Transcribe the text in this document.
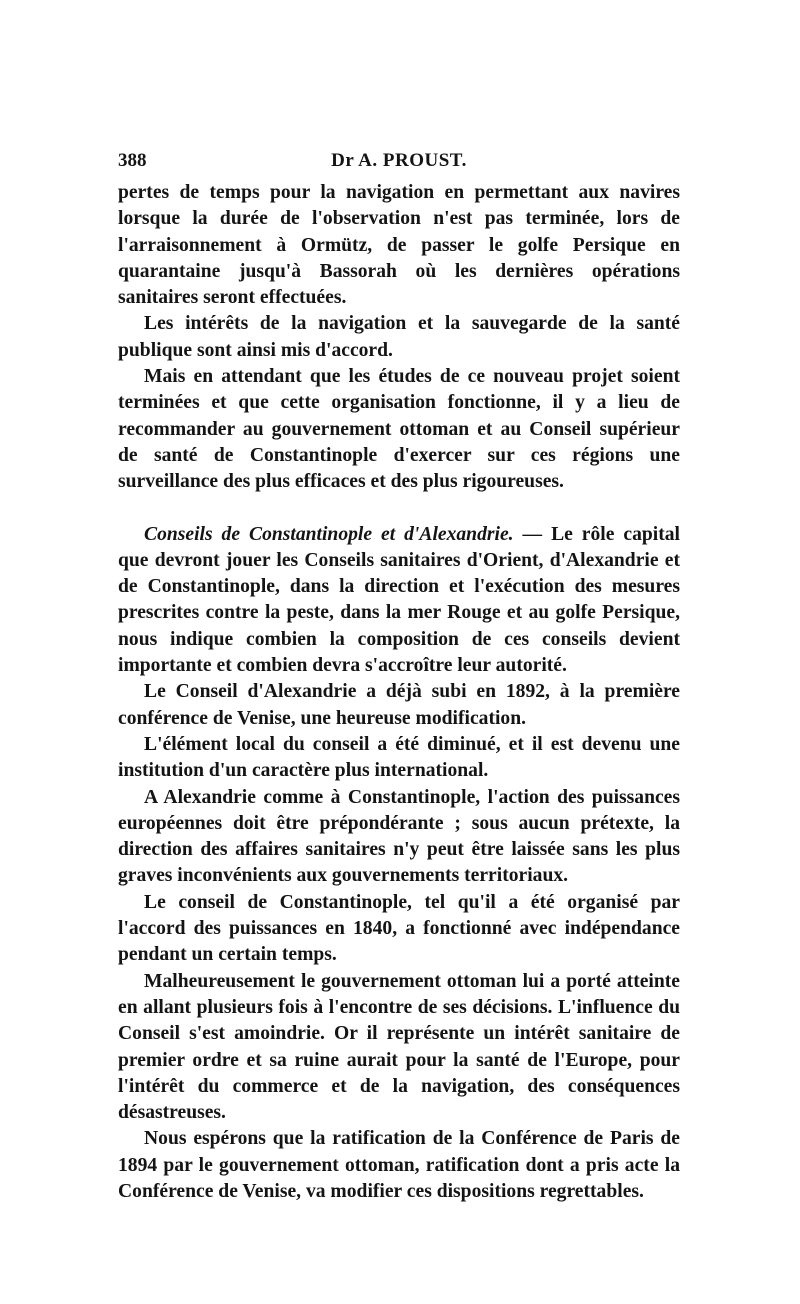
388	Dr A. PROUST.

pertes de temps pour la navigation en permettant aux navires lorsque la durée de l'observation n'est pas terminée, lors de l'arraisonnement à Ormütz, de passer le golfe Persique en quarantaine jusqu'à Bassorah où les dernières opérations sanitaires seront effectuées.

Les intérêts de la navigation et la sauvegarde de la santé publique sont ainsi mis d'accord.

Mais en attendant que les études de ce nouveau projet soient terminées et que cette organisation fonctionne, il y a lieu de recommander au gouvernement ottoman et au Conseil supérieur de santé de Constantinople d'exercer sur ces régions une surveillance des plus efficaces et des plus rigoureuses.

Conseils de Constantinople et d'Alexandrie. — Le rôle capital que devront jouer les Conseils sanitaires d'Orient, d'Alexandrie et de Constantinople, dans la direction et l'exécution des mesures prescrites contre la peste, dans la mer Rouge et au golfe Persique, nous indique combien la composition de ces conseils devient importante et combien devra s'accroître leur autorité.

Le Conseil d'Alexandrie a déjà subi en 1892, à la première conférence de Venise, une heureuse modification.

L'élément local du conseil a été diminué, et il est devenu une institution d'un caractère plus international.

A Alexandrie comme à Constantinople, l'action des puissances européennes doit être prépondérante ; sous aucun prétexte, la direction des affaires sanitaires n'y peut être laissée sans les plus graves inconvénients aux gouvernements territoriaux.

Le conseil de Constantinople, tel qu'il a été organisé par l'accord des puissances en 1840, a fonctionné avec indépendance pendant un certain temps.

Malheureusement le gouvernement ottoman lui a porté atteinte en allant plusieurs fois à l'encontre de ses décisions. L'influence du Conseil s'est amoindrie. Or il représente un intérêt sanitaire de premier ordre et sa ruine aurait pour la santé de l'Europe, pour l'intérêt du commerce et de la navigation, des conséquences désastreuses.

Nous espérons que la ratification de la Conférence de Paris de 1894 par le gouvernement ottoman, ratification dont a pris acte la Conférence de Venise, va modifier ces dispositions regrettables.
